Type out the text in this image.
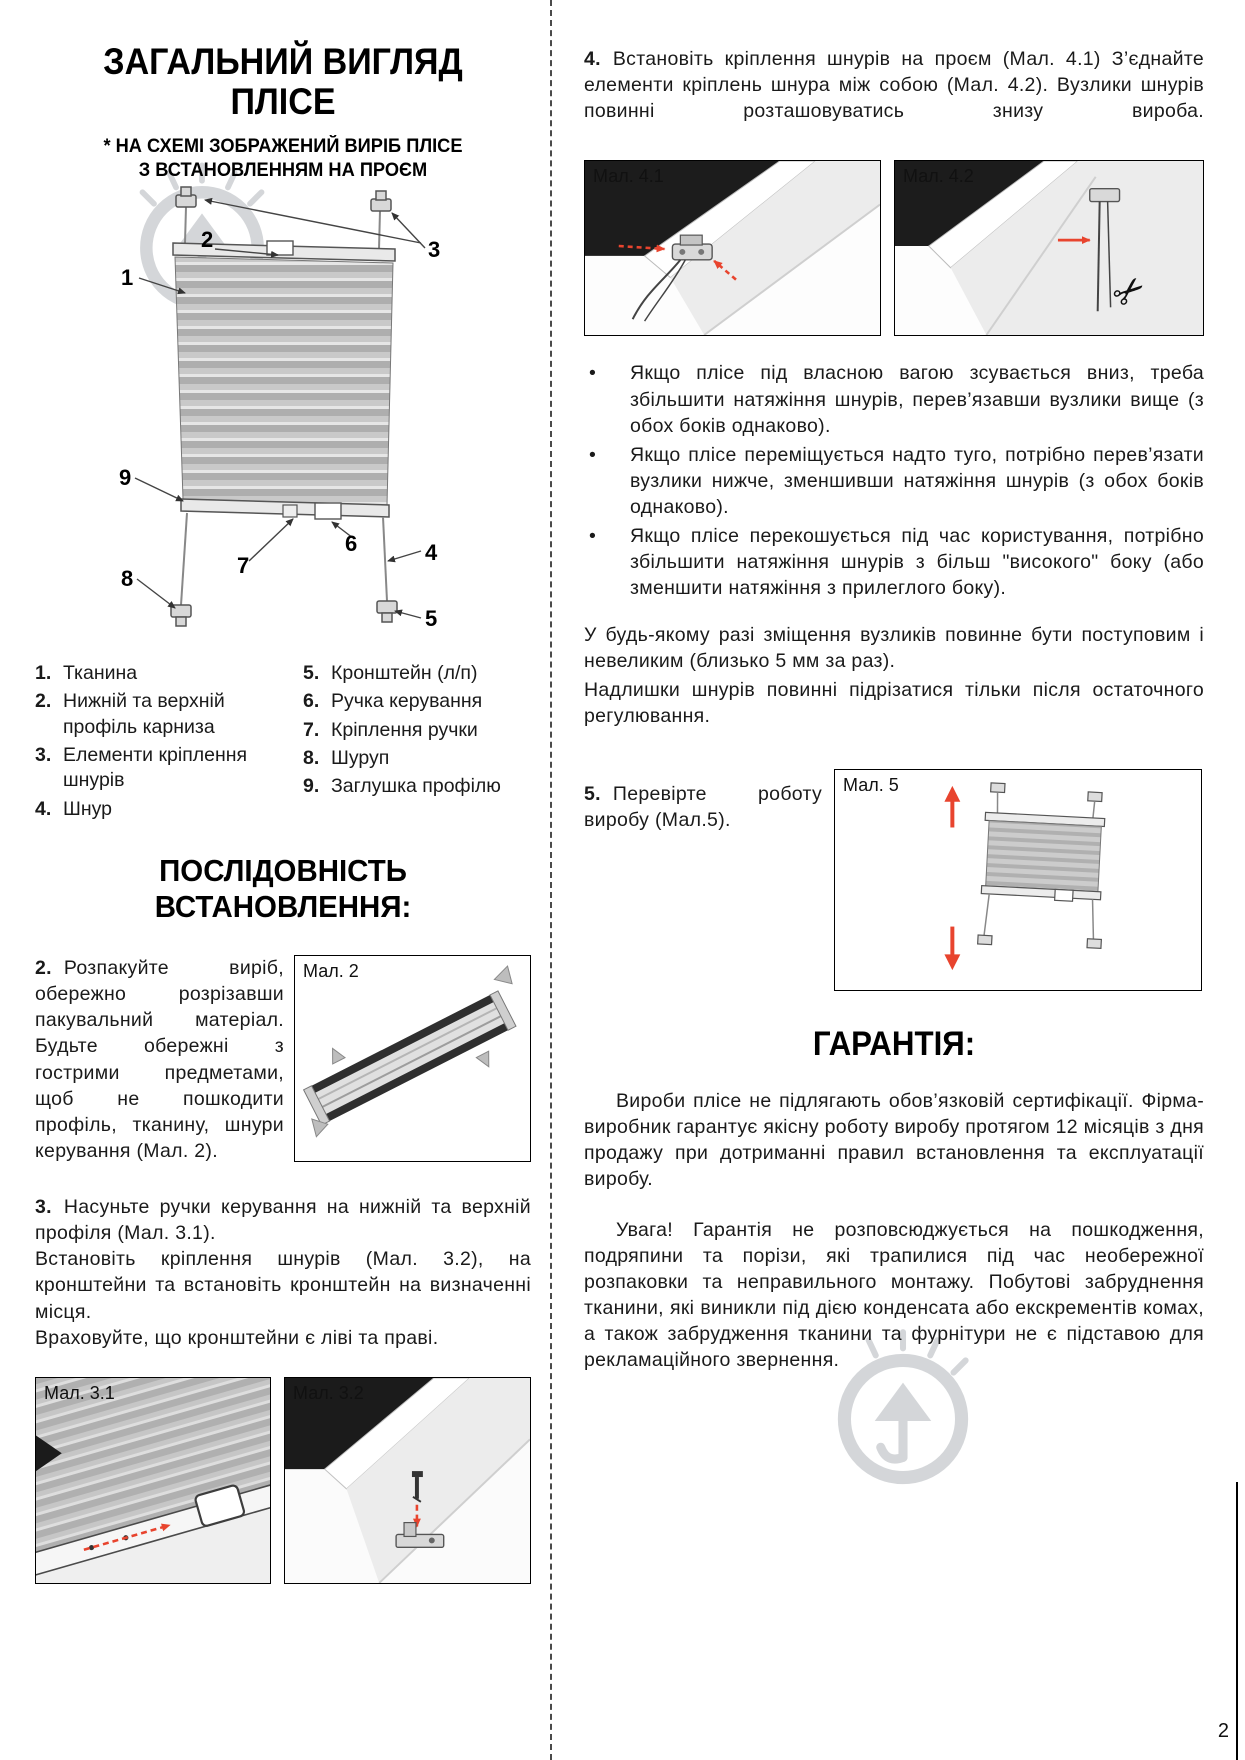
ЗАГАЛЬНИЙ ВИГЛЯД
ПЛІСЕ
* НА СХЕМІ ЗОБРАЖЕНИЙ ВИРІБ ПЛІСЕ
З ВСТАНОВЛЕННЯМ НА ПРОЄМ
1
2	3
9
6
7
4
8
5
1. Тканина
2. Нижній та верхній профіль карниза
3. Елементи кріплення шнурів
4. Шнур
5. Кронштейн (л/п)
6. Ручка керування
7. Кріплення ручки
8. Шуруп
9. Заглушка профілю
ПОСЛІДОВНІСТЬ ВСТАНОВЛЕННЯ:

2. Розпакуйте виріб, обережно розрізавши пакувальний матеріал. Будьте обережні з гострими предметами, щоб не пошкодити профіль, тканину, шнури керування (Мал. 2).

Мал. 2

3. Насуньте ручки керування на нижній та верхній профіля (Мал. 3.1).
Встановіть кріплення шнурів (Мал. 3.2), на кронштейни та встановіть кронштейн на визначенні місця.
Враховуйте, що кронштейни є ліві та праві.

Мал. 3.1	Мал. 3.2

4. Встановіть кріплення шнурів на проєм (Мал. 4.1) З’єднайте елементи кріплень шнура між собою (Мал. 4.2). Вузлики шнурів повинні розташовуватись знизу вироба.

Мал. 4.1	Мал. 4.2
✂
•	Якщо плісе під власною вагою зсувається вниз, треба збільшити натяжіння шнурів, перев’язавши вузлики вище (з обох боків однаково).
•	Якщо плісе переміщується надто туго, потрібно перев’язати вузлики нижче, зменшивши натяжіння шнурів (з обох боків однаково).
•	Якщо плісе перекошується під час користування, потрібно збільшити натяжіння шнурів з більш "високого" боку (або зменшити натяжіння з прилеглого боку).

У будь-якому разі зміщення вузликів повинне бути поступовим і невеликим (близько 5 мм за раз).

Надлишки шнурів повинні підрізатися тільки після остаточного регулювання.

5. Перевірте роботу виробу (Мал.5).

Мал. 5
ГАРАНТІЯ:

Вироби плісе не підлягають обов’язковій сертифікації. Фірма-виробник гарантує якісну роботу виробу протягом 12 місяців з дня продажу при дотриманні правил встановлення та експлуатації виробу.

Увага! Гарантія не розповсюджується на пошкодження, подряпини та порізи, які трапилися під час необережної розпаковки та неправильного монтажу. Побутові забруднення тканини, які виникли під дією конденсата або екскрементів комах, а також забрудження тканини та фурнітури не є підставою для рекламаційного звернення.

2
